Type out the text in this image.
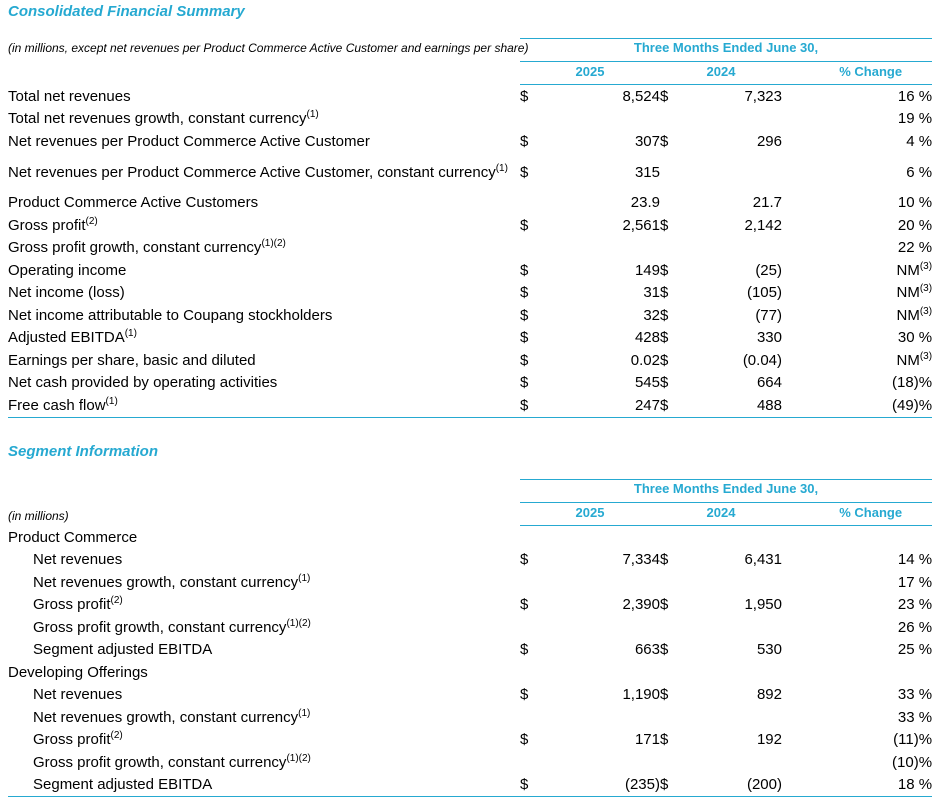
Consolidated Financial Summary
(in millions, except net revenues per Product Commerce Active Customer and earnings per share)	Three Months Ended June 30,				
	2025		2024		% Change
Total net revenues	$	8,524	$	7,323	16 %
Total net revenues growth, constant currency$^{(1)}$					19 %
Net revenues per Product Commerce Active Customer	$	307	$	296	4 %
Net revenues per Product Commerce Active Customer, constant currency$^{(1)}$	$	315			6 %
Product Commerce Active Customers		23.9		21.7	10 %
Gross profit$^{(2)}$	$	2,561	$	2,142	20 %
Gross profit growth, constant currency$^{(1)(2)}$					22 %
Operating income	$	149	$	(25)	NM$^{(3)}$
Net income (loss)	$	31	$	(105)	NM$^{(3)}$
Net income attributable to Coupang stockholders	$	32	$	(77)	NM$^{(3)}$
Adjusted EBITDA$^{(1)}$	$	428	$	330	30 %
Earnings per share, basic and diluted	$	0.02	$	(0.04)	NM$^{(3)}$
Net cash provided by operating activities	$	545	$	664	(18)%
Free cash flow$^{(1)}$	$	247	$	488	(49)%
Segment Information
(in millions)	Three Months Ended June 30,				
	2025		2024		% Change
Product Commerce					
Net revenues	$	7,334	$	6,431	14 %
Net revenues growth, constant currency$^{(1)}$					17 %
Gross profit$^{(2)}$	$	2,390	$	1,950	23 %
Gross profit growth, constant currency$^{(1)(2)}$					26 %
Segment adjusted EBITDA	$	663	$	530	25 %
Developing Offerings					
Net revenues	$	1,190	$	892	33 %
Net revenues growth, constant currency$^{(1)}$					33 %
Gross profit$^{(2)}$	$	171	$	192	(11)%
Gross profit growth, constant currency$^{(1)(2)}$					(10)%
Segment adjusted EBITDA	$	(235)	$	(200)	18 %
